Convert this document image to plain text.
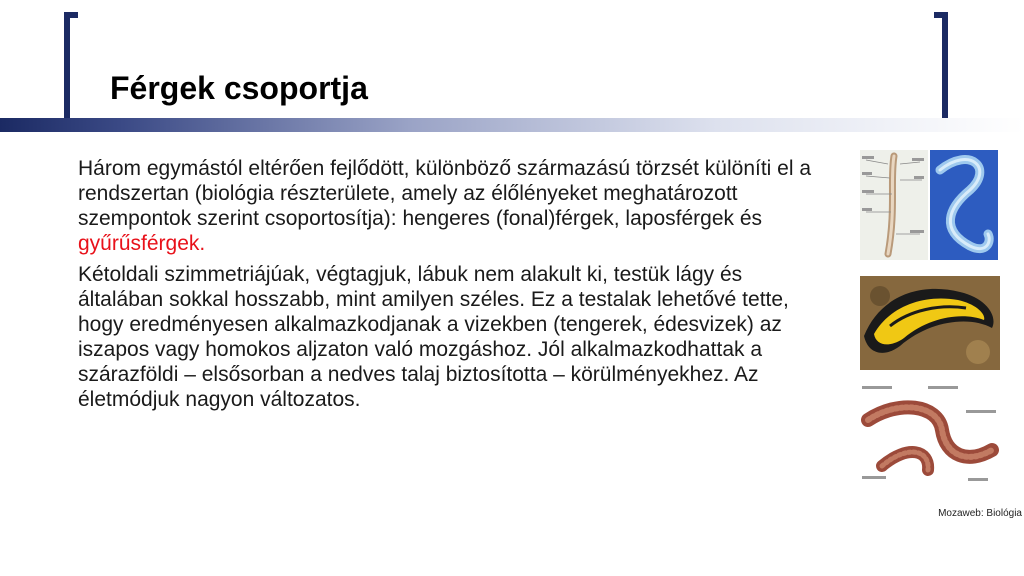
Férgek csoportja

Három egymástól eltérően fejlődött, különböző származású törzsét különíti el a rendszertan (biológia részterülete, amely az élőlényeket meghatározott szempontok szerint csoportosítja): hengeres (fonal)férgek, laposférgek és gyűrűsférgek.

Kétoldali szimmetriájúak, végtagjuk, lábuk nem alakult ki, testük lágy és általában sokkal hosszabb, mint amilyen széles. Ez a testalak lehetővé tette, hogy eredményesen alkalmazkodjanak a vizekben (tengerek, édesvizek) az iszapos vagy homokos aljzaton való mozgáshoz. Jól alkalmazkodhattak a szárazföldi – elsősorban a nedves talaj biztosította – körülményekhez. Az életmódjuk nagyon változatos.

Mozaweb: Biológia
